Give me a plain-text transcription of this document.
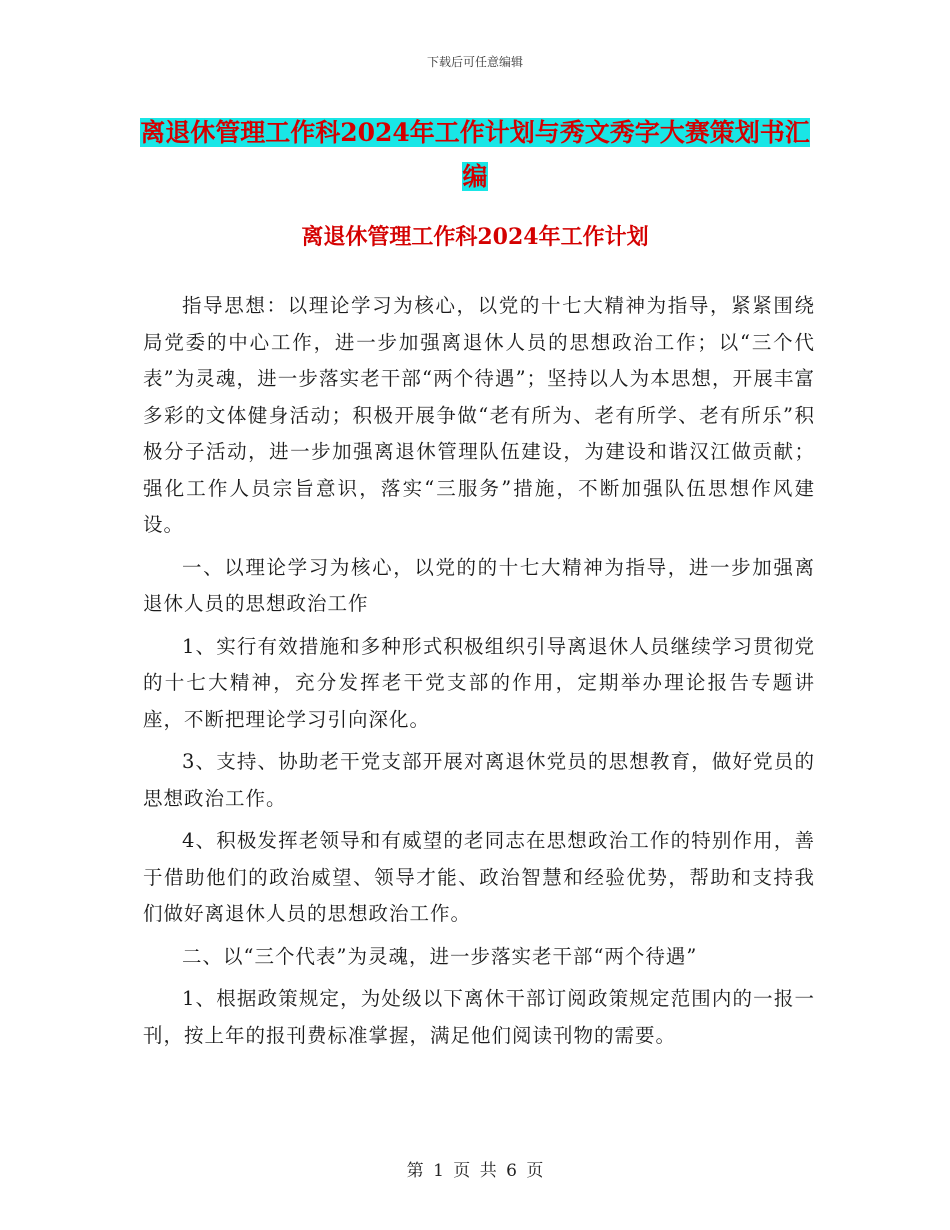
下载后可任意编辑
离退休管理工作科2024年工作计划与秀文秀字大赛策划书汇编
离退休管理工作科2024年工作计划

指导思想：以理论学习为核心，以党的十七大精神为指导，紧紧围绕局党委的中心工作，进一步加强离退休人员的思想政治工作；以“三个代表”为灵魂，进一步落实老干部“两个待遇”；坚持以人为本思想，开展丰富多彩的文体健身活动；积极开展争做“老有所为、老有所学、老有所乐”积极分子活动，进一步加强离退休管理队伍建设，为建设和谐汉江做贡献；强化工作人员宗旨意识，落实“三服务”措施，不断加强队伍思想作风建设。

一、以理论学习为核心，以党的的十七大精神为指导，进一步加强离退休人员的思想政治工作

1、实行有效措施和多种形式积极组织引导离退休人员继续学习贯彻党的十七大精神，充分发挥老干党支部的作用，定期举办理论报告专题讲座，不断把理论学习引向深化。

3、支持、协助老干党支部开展对离退休党员的思想教育，做好党员的思想政治工作。

4、积极发挥老领导和有威望的老同志在思想政治工作的特别作用，善于借助他们的政治威望、领导才能、政治智慧和经验优势，帮助和支持我们做好离退休人员的思想政治工作。

二、以“三个代表”为灵魂，进一步落实老干部“两个待遇”

1、根据政策规定，为处级以下离休干部订阅政策规定范围内的一报一刊，按上年的报刊费标准掌握，满足他们阅读刊物的需要。

第 1 页 共 6 页
